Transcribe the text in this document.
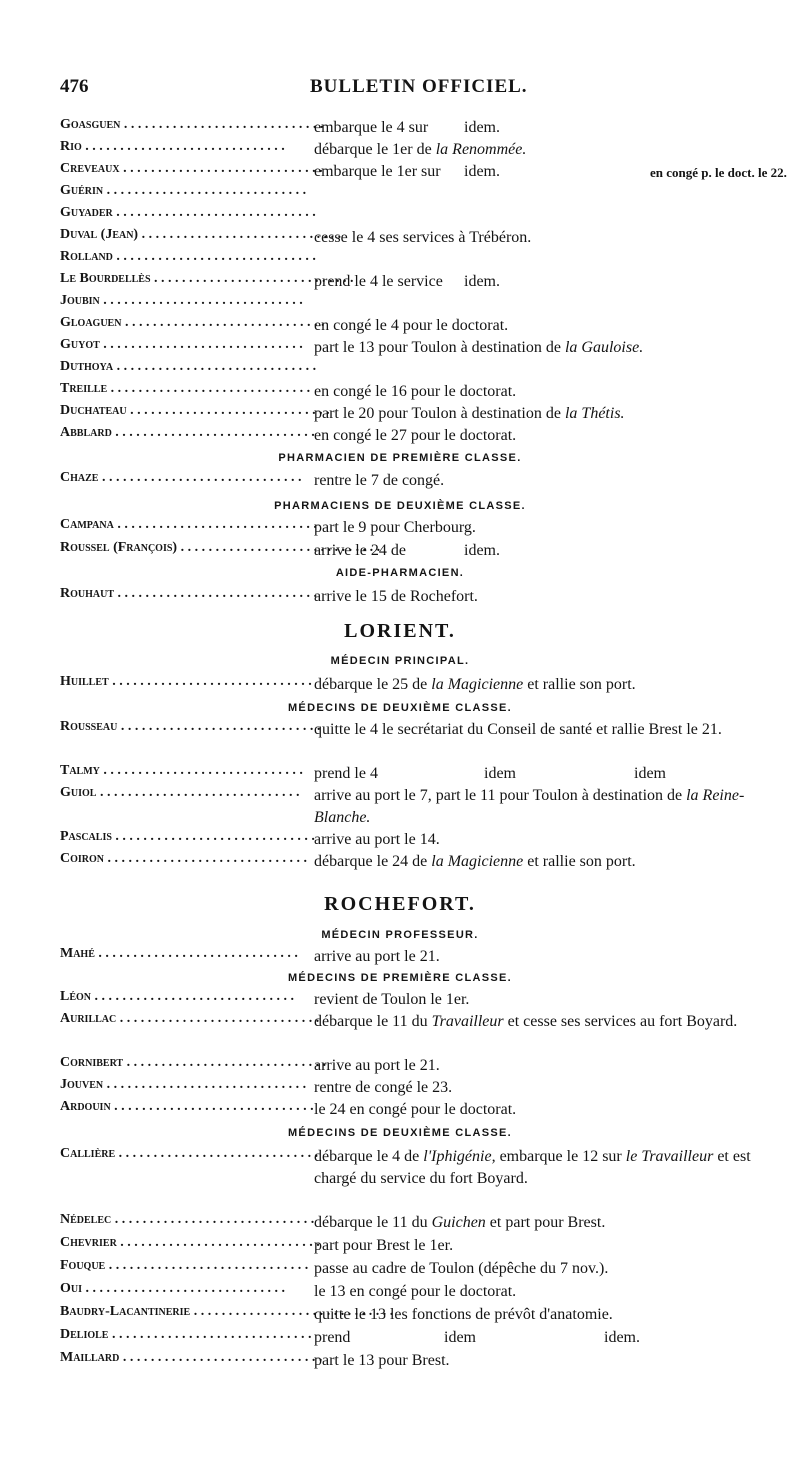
476	BULLETIN OFFICIEL.
Goasguen . . .	embarque le 4 sur idem.
Rio . . .	débarque le 1er de la Renommée.
Creveaux . . .	embarque le 1er sur idem.	en congé p. le doct. le 22.
Guérin . . .
Guyader . . .
Duval (Jean) . . .	cesse le 4 ses services à Trébéron.
Rolland . . .
Le Bourdellès . . .	prend le 4 le service idem.
Joubin . . .
Gloaguen . . .	en congé le 4 pour le doctorat.
Guyot . . .	part le 13 pour Toulon à destination de la Gauloise.
Duthoya . . .
Treille . . .	en congé le 16 pour le doctorat.
Duchateau . . .	part le 20 pour Toulon à destination de la Thétis.
Abblard . . .	en congé le 27 pour le doctorat.
PHARMACIEN DE PREMIÈRE CLASSE.
Chaze . . .	rentre le 7 de congé.
PHARMACIENS DE DEUXIÈME CLASSE.
Campana . . .	part le 9 pour Cherbourg.
Roussel (François) . . .	arrive le 24 de	idem.
AIDE-PHARMACIEN.
Rouhaut . . .	arrive le 15 de Rochefort.
LORIENT.
MÉDECIN PRINCIPAL.
Huillet . . .	débarque le 25 de la Magicienne et rallie son port.
MÉDECINS DE DEUXIÈME CLASSE.
Rousseau . . .	quitte le 4 le secrétariat du Conseil de santé et rallie Brest le 21.
Talmy . . .	prend le 4	idem	idem
Guiol . . .	arrive au port le 7, part le 11 pour Toulon à destination de la Reine-Blanche.
Pascalis . . .	arrive au port le 14.
Coiron . . .	débarque le 24 de la Magicienne et rallie son port.
ROCHEFORT.
MÉDECIN PROFESSEUR.
Mahé . . .	arrive au port le 21.
MÉDECINS DE PREMIÈRE CLASSE.
Léon . . .	revient de Toulon le 1er.
Aurillac . . .	débarque le 11 du Travailleur et cesse ses services au fort Boyard.
Cornibert . . .	arrive au port le 21.
Jouven . . .	rentre de congé le 23.
Ardouin . . .	le 24 en congé pour le doctorat.
MÉDECINS DE DEUXIÈME CLASSE.
Callière . . .	débarque le 4 de l'Iphigénie, embarque le 12 sur le Travailleur et est chargé du service du fort Boyard.
Nédelec . . .	débarque le 11 du Guichen et part pour Brest.
Chevrier . . .	part pour Brest le 1er.
Fouque . . .	passe au cadre de Toulon (dépêche du 7 nov.).
Oui . . .	le 13 en congé pour le doctorat.
Baudry-Lacantinerie . . .	quitte le 13 les fonctions de prévôt d'anatomie.
Deliole . . .	prend	idem	idem.
Maillard . . .	part le 13 pour Brest.
